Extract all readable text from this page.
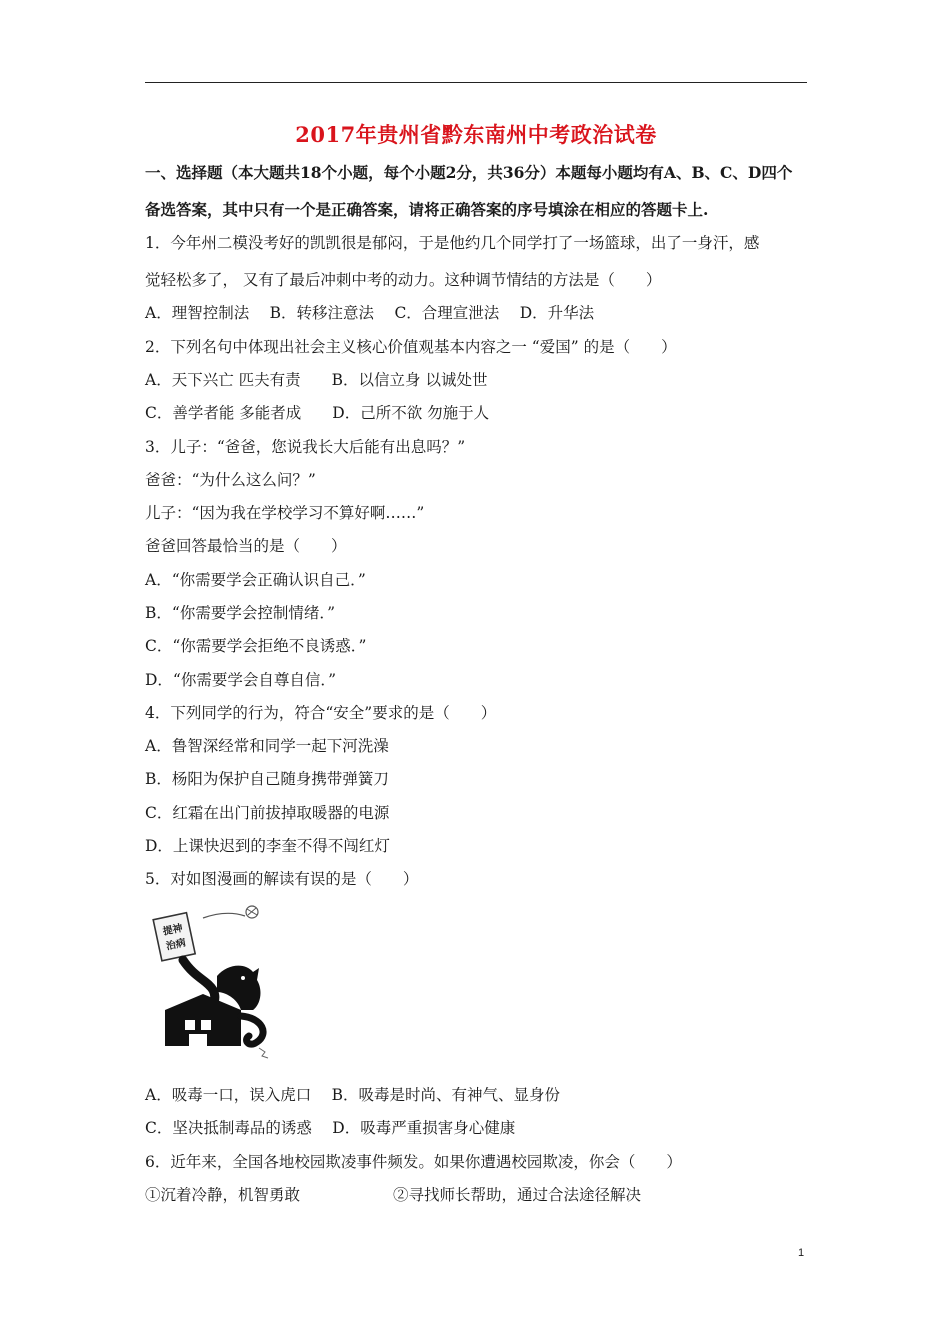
2017年贵州省黔东南州中考政治试卷
一、选择题（本大题共18个小题，每个小题2分，共36分）本题每小题均有A、B、C、D四个
备选答案，其中只有一个是正确答案，请将正确答案的序号填涂在相应的答题卡上.
1．今年州二模没考好的凯凯很是郁闷，于是他约几个同学打了一场篮球，出了一身汗，感
觉轻松多了， 又有了最后冲刺中考的动力。这种调节情结的方法是（　　）
A．理智控制法　 B．转移注意法　 C．合理宣泄法　 D．升华法
2．下列名句中体现出社会主义核心价值观基本内容之一 “爱国” 的是（　　）
A．天下兴亡 匹夫有责　　B．以信立身 以诚处世
C．善学者能 多能者成　　D．己所不欲 勿施于人
3．儿子：“爸爸，您说我长大后能有出息吗？”
爸爸：“为什么这么问？”
儿子：“因为我在学校学习不算好啊……”
爸爸回答最恰当的是（　　）
A．“你需要学会正确认识自己．”
B．“你需要学会控制情绪．”
C．“你需要学会拒绝不良诱惑．”
D．“你需要学会自尊自信．”
4．下列同学的行为，符合“安全”要求的是（　　）
A．鲁智深经常和同学一起下河洗澡
B．杨阳为保护自己随身携带弹簧刀
C．红霜在出门前拔掉取暖器的电源
D．上课快迟到的李奎不得不闯红灯
5．对如图漫画的解读有误的是（　　）
提神
治病
A．吸毒一口，误入虎口　 B．吸毒是时尚、有神气、显身份
C．坚决抵制毒品的诱惑　 D．吸毒严重损害身心健康
6．近年来，全国各地校园欺凌事件频发。如果你遭遇校园欺凌，你会（　　）
①沉着冷静，机智勇敢　　　　　　②寻找师长帮助，通过合法途径解决
1
